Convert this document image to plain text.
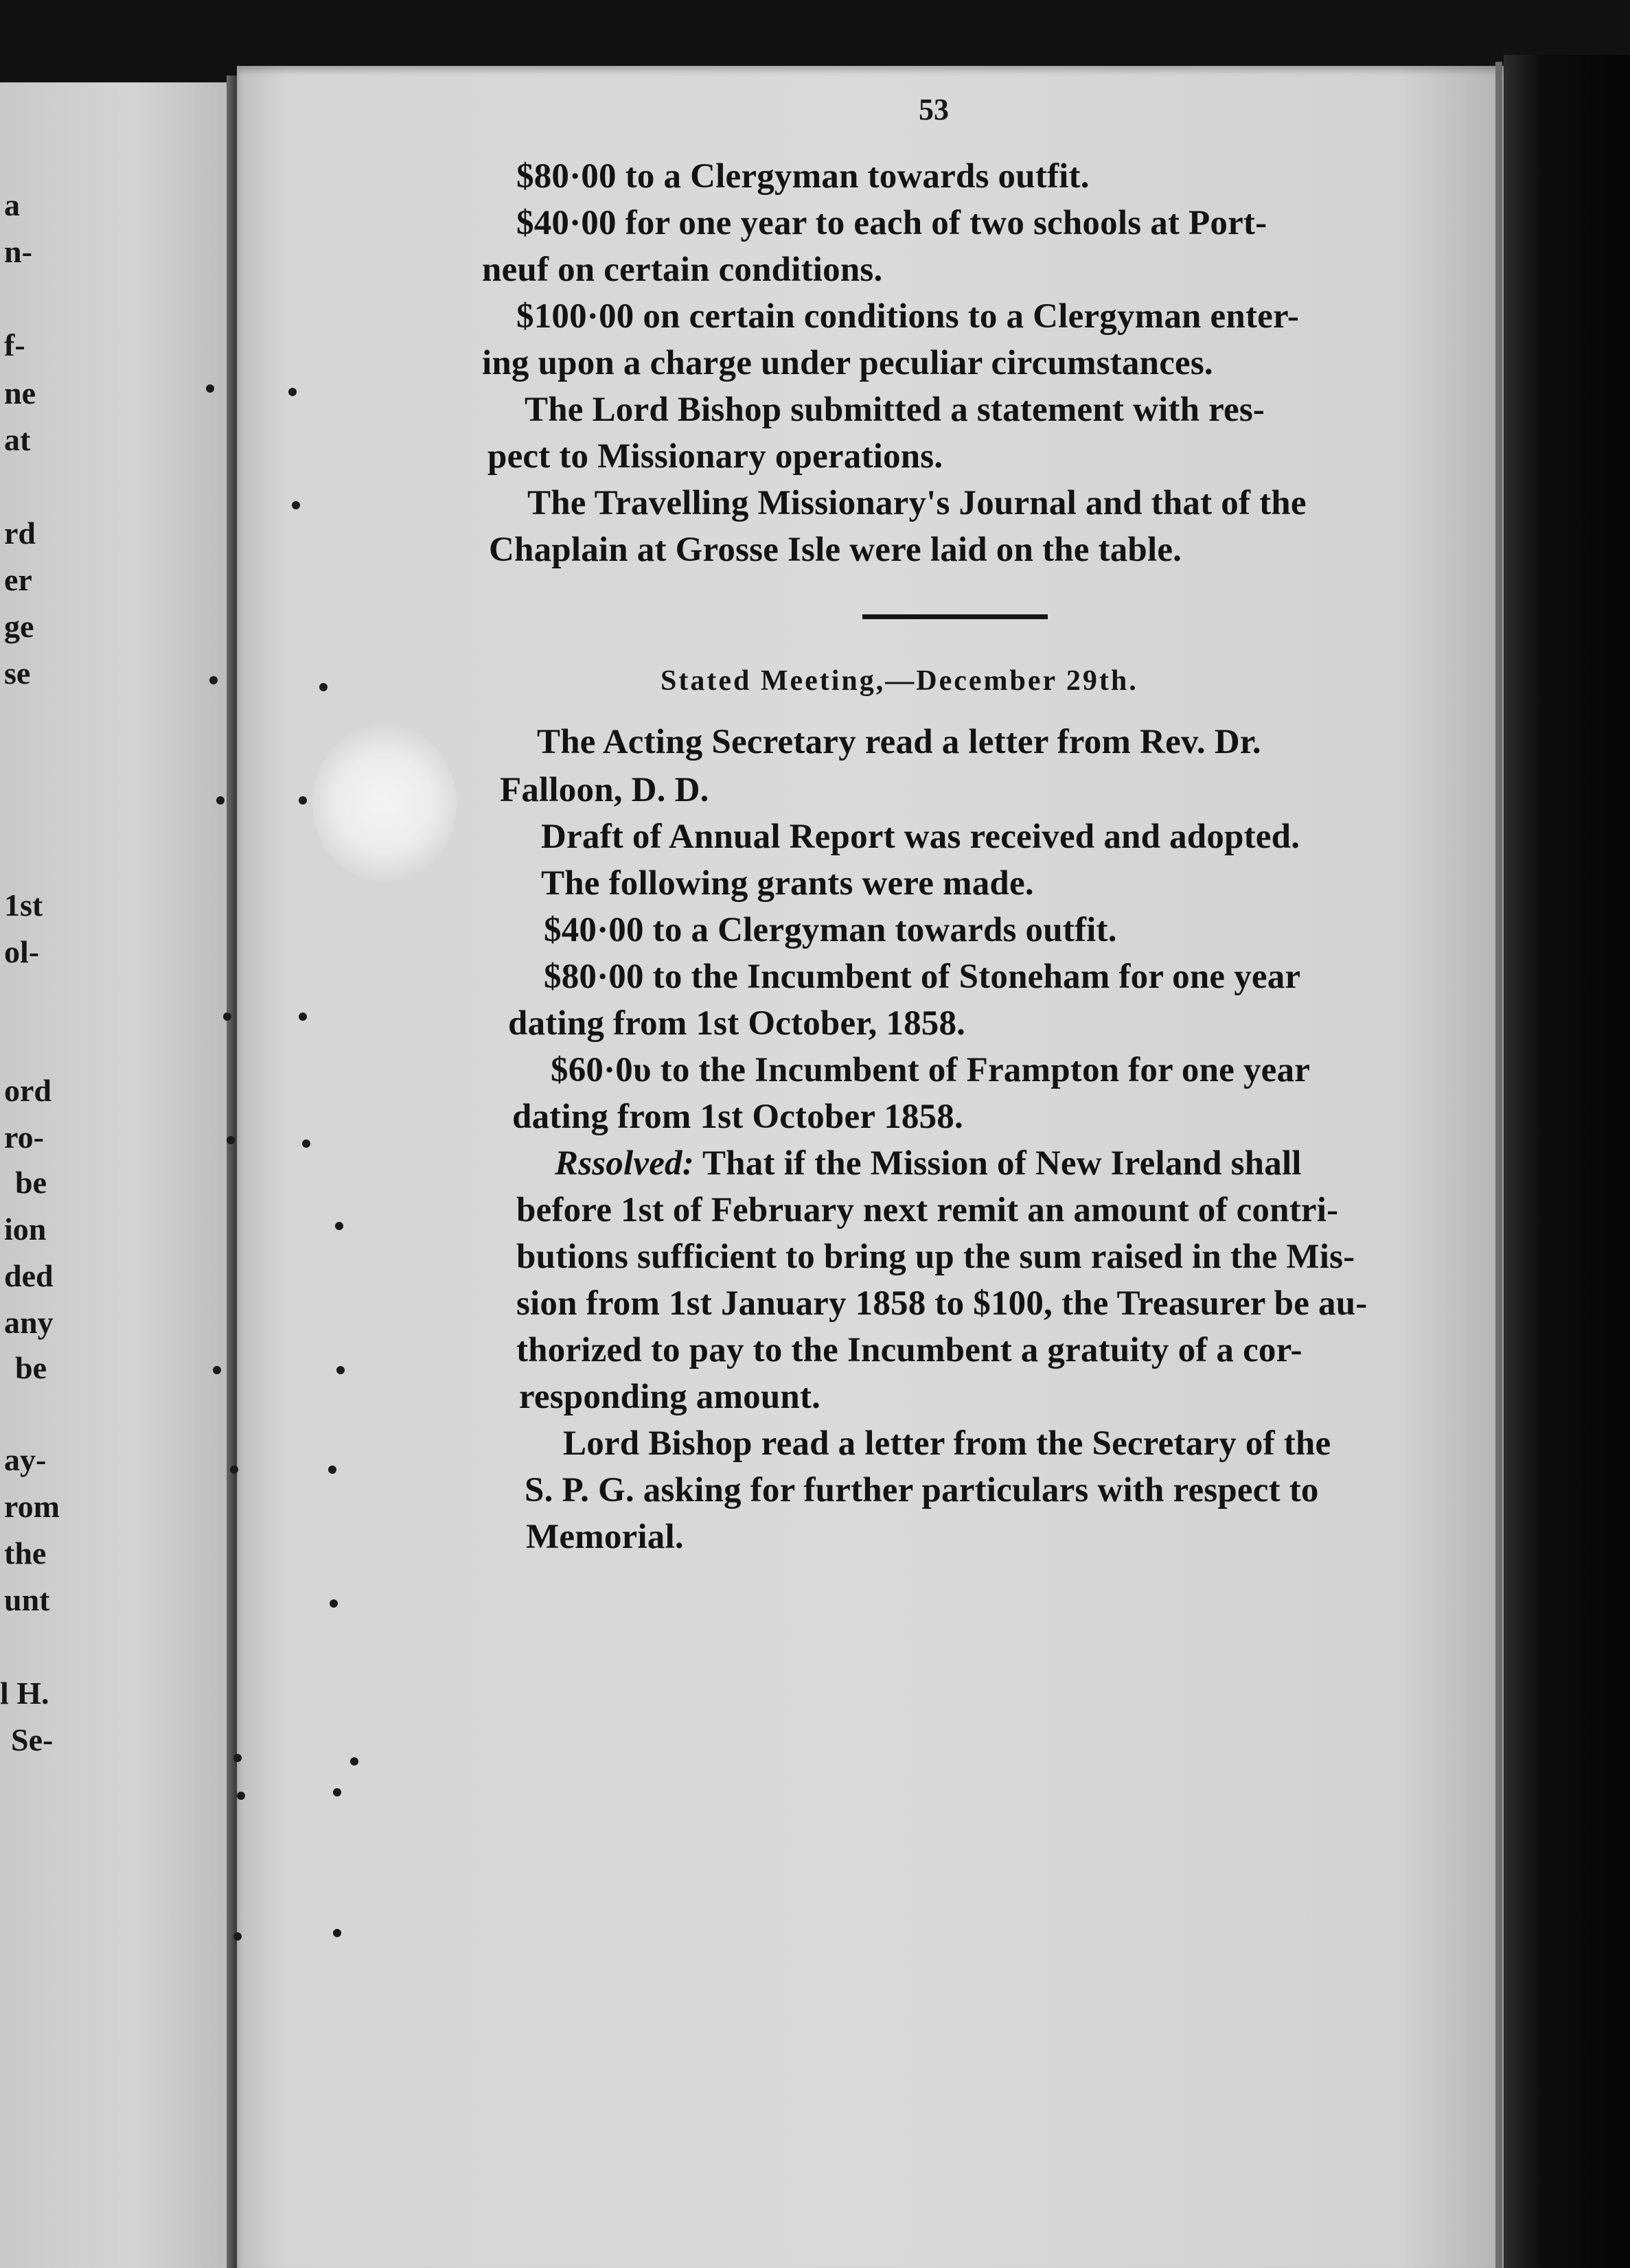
a
n-
f-
ne
at
rd
er
ge
se
1st
ol-
ord
ro-
be
ion
ded
any
be
ay-
rom
the
unt
l H.
Se-
53
$80·00 to a Clergyman towards outfit.
$40·00 for one year to each of two schools at Port-
neuf on certain conditions.
$100·00 on certain conditions to a Clergyman enter-
ing upon a charge under peculiar circumstances.
The Lord Bishop submitted a statement with res-
pect to Missionary operations.
The Travelling Missionary's Journal and that of the
Chaplain at Grosse Isle were laid on the table.
Stated Meeting,—December 29th.
The Acting Secretary read a letter from Rev. Dr.
Falloon, D. D.
Draft of Annual Report was received and adopted.
The following grants were made.
$40·00 to a Clergyman towards outfit.
$80·00 to the Incumbent of Stoneham for one year
dating from 1st October, 1858.
$60·0υ to the Incumbent of Frampton for one year
dating from 1st October 1858.
Rssolved: That if the Mission of New Ireland shall
before 1st of February next remit an amount of contri-
butions sufficient to bring up the sum raised in the Mis-
sion from 1st January 1858 to $100, the Treasurer be au-
thorized to pay to the Incumbent a gratuity of a cor-
responding amount.
Lord Bishop read a letter from the Secretary of the
S. P. G. asking for further particulars with respect to
Memorial.
